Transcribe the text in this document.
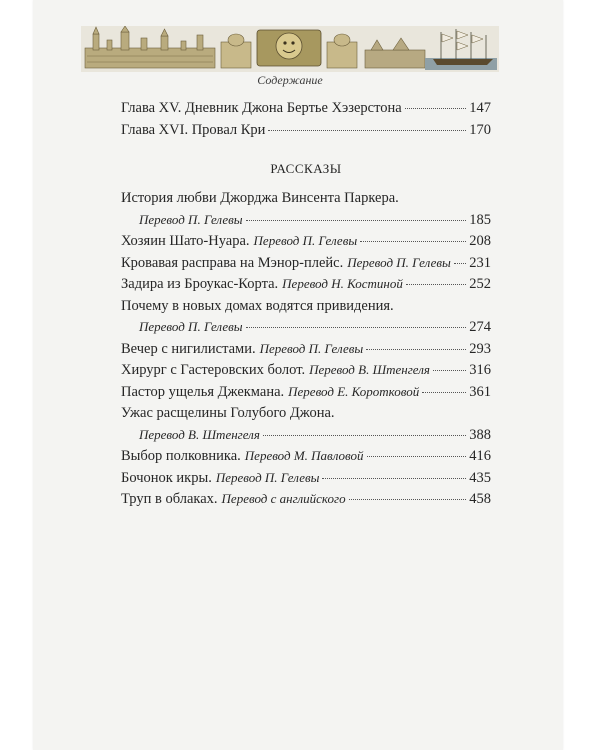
Содержание
Глава XV. Дневник Джона Бертье Хэзерстона	147
Глава XVI. Провал Кри	170
РАССКАЗЫ
История любви Джорджа Винсента Паркера.
Перевод П. Гелевы	185
Хозяин Шато-Нуара. Перевод П. Гелевы	208
Кровавая расправа на Мэнор-плейс. Перевод П. Гелевы 231
Задира из Броукас-Корта. Перевод Н. Костиной	252
Почему в новых домах водятся привидения.
Перевод П. Гелевы	274
Вечер с нигилистами. Перевод П. Гелевы	293
Хирург с Гастеровских болот. Перевод В. Штенгеля	316
Пастор ущелья Джекмана. Перевод Е. Коротковой	361
Ужас расщелины Голубого Джона.
Перевод В. Штенгеля	388
Выбор полковника. Перевод М. Павловой	416
Бочонок икры. Перевод П. Гелевы	435
Труп в облаках. Перевод с английского	458
